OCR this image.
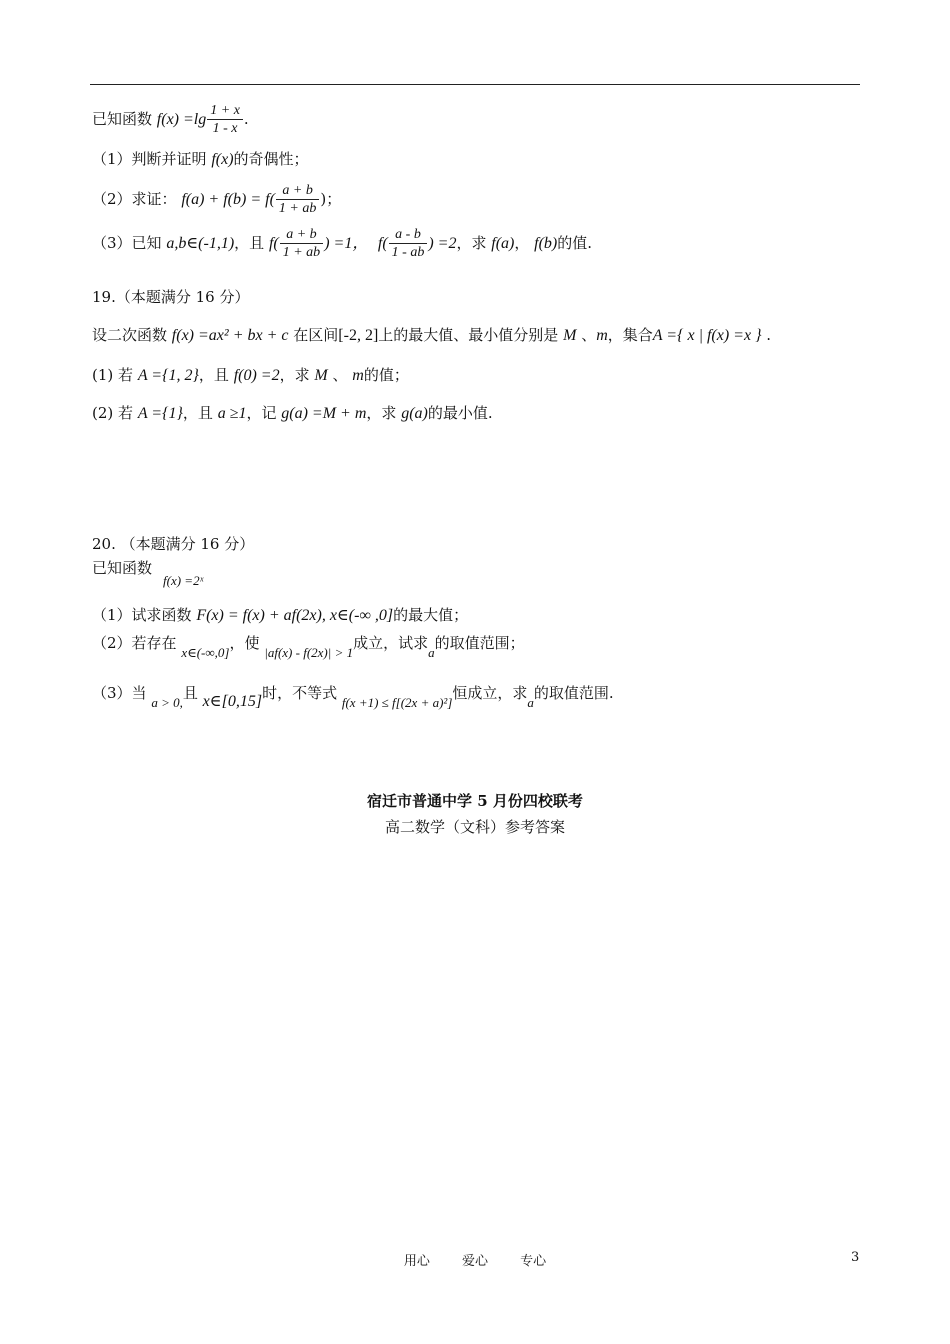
已知函数 $f(x) =\lg \frac{1 + x}{1 - x}$ .
（1）判断并证明 f(x)的奇偶性；
（2）求证： $f(a) + f(b) = f( \frac{a + b}{1 + ab}$ )；
（3）已知 a,b∈(-1,1)，且 $f( \frac{a + b}{1 + ab}$ ) =1， $f( \frac{a - b}{1 - ab}$ ) =2，求 f(a)， f(b)的值.
19.（本题满分 16 分）
设二次函数 f(x) =ax² + bx + c 在区间[-2, 2]上的最大值、最小值分别是 M 、m，集合A ={ x | f(x) =x } .
(1) 若 A ={1, 2}，且 f(0) =2，求 M 、 m的值；
(2) 若 A ={1}，且 a ≥1，记 g(a) =M + m，求 g(a)的最小值.
20. （本题满分 16 分）
已知函数
f(x) =2ˣ
（1）试求函数 F(x) = f(x) + af(2x), x∈(-∞ ,0]的最大值；
（2）若存在 x∈(-∞,0]，使 |af(x) - f(2x)| > 1成立，试求a的取值范围；
（3）当 a > 0,且 x∈[0,15]时，不等式 f(x +1) ≤ f[(2x + a)²]恒成立，求a的取值范围.
宿迁市普通中学 5 月份四校联考
高二数学（文科）参考答案
用心 爱心 专心	3
